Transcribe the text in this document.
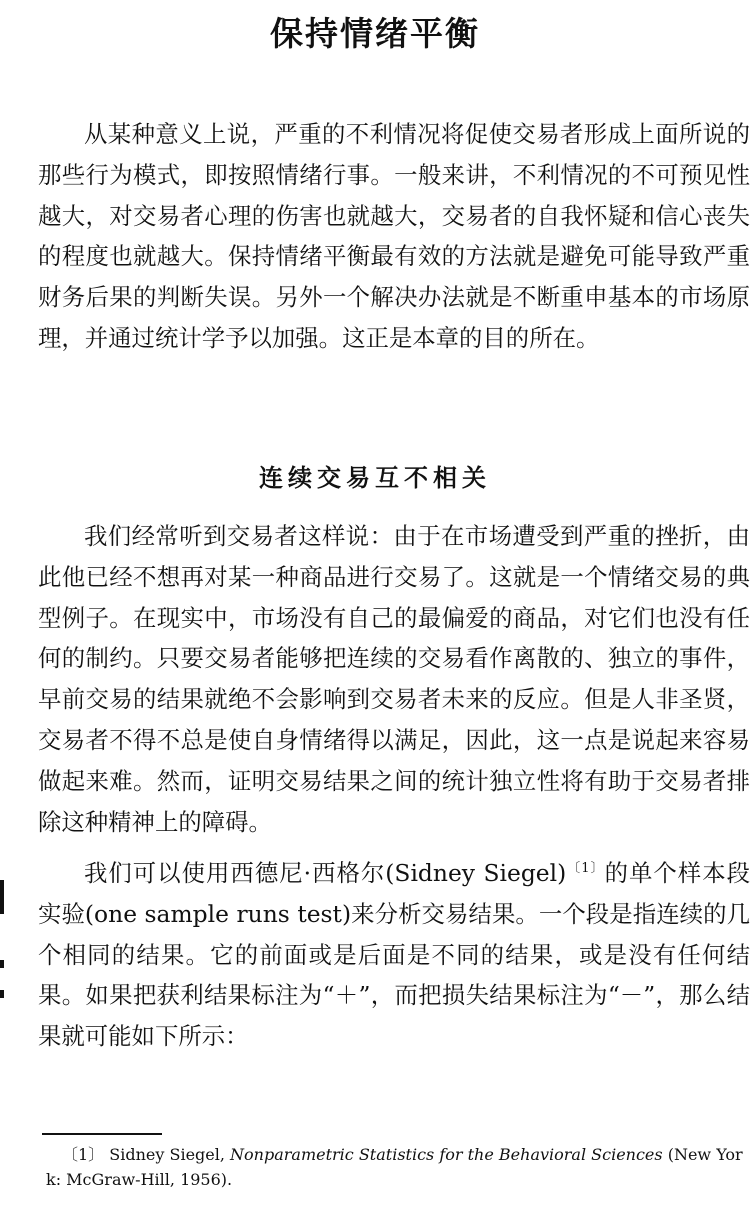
保持情绪平衡

从某种意义上说，严重的不利情况将促使交易者形成上面所说的那些行为模式，即按照情绪行事。一般来讲，不利情况的不可预见性越大，对交易者心理的伤害也就越大，交易者的自我怀疑和信心丧失的程度也就越大。保持情绪平衡最有效的方法就是避免可能导致严重财务后果的判断失误。另外一个解决办法就是不断重申基本的市场原理，并通过统计学予以加强。这正是本章的目的所在。

连续交易互不相关

我们经常听到交易者这样说：由于在市场遭受到严重的挫折，由此他已经不想再对某一种商品进行交易了。这就是一个情绪交易的典型例子。在现实中，市场没有自己的最偏爱的商品，对它们也没有任何的制约。只要交易者能够把连续的交易看作离散的、独立的事件，早前交易的结果就绝不会影响到交易者未来的反应。但是人非圣贤，交易者不得不总是使自身情绪得以满足，因此，这一点是说起来容易做起来难。然而，证明交易结果之间的统计独立性将有助于交易者排除这种精神上的障碍。

我们可以使用西德尼·西格尔(Sidney Siegel)$^{〔1〕}$的单个样本段实验(one sample runs test)来分析交易结果。一个段是指连续的几个相同的结果。它的前面或是后面是不同的结果，或是没有任何结果。如果把获利结果标注为“＋”，而把损失结果标注为“－”，那么结果就可能如下所示：

〔1〕 Sidney Siegel, Nonparametric Statistics for the Behavioral Sciences (New York: McGraw-Hill, 1956).
